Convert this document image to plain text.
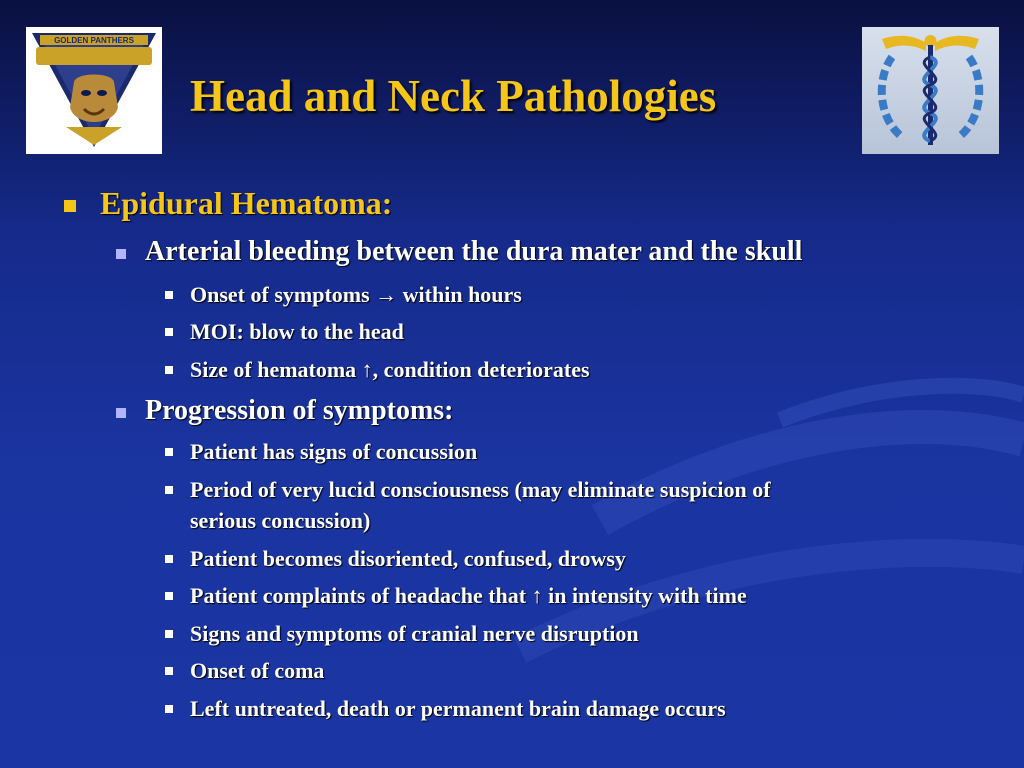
GOLDEN PANTHERS
Head and Neck Pathologies
Epidural Hematoma:
Arterial bleeding between the dura mater and the skull
Onset of symptoms → within hours
MOI: blow to the head
Size of hematoma ↑, condition deteriorates
Progression of symptoms:
Patient has signs of concussion
Period of very lucid consciousness (may eliminate suspicion of
serious concussion)
Patient becomes disoriented, confused, drowsy
Patient complaints of headache that ↑ in intensity with time
Signs and symptoms of cranial nerve disruption
Onset of coma
Left untreated, death or permanent brain damage occurs
